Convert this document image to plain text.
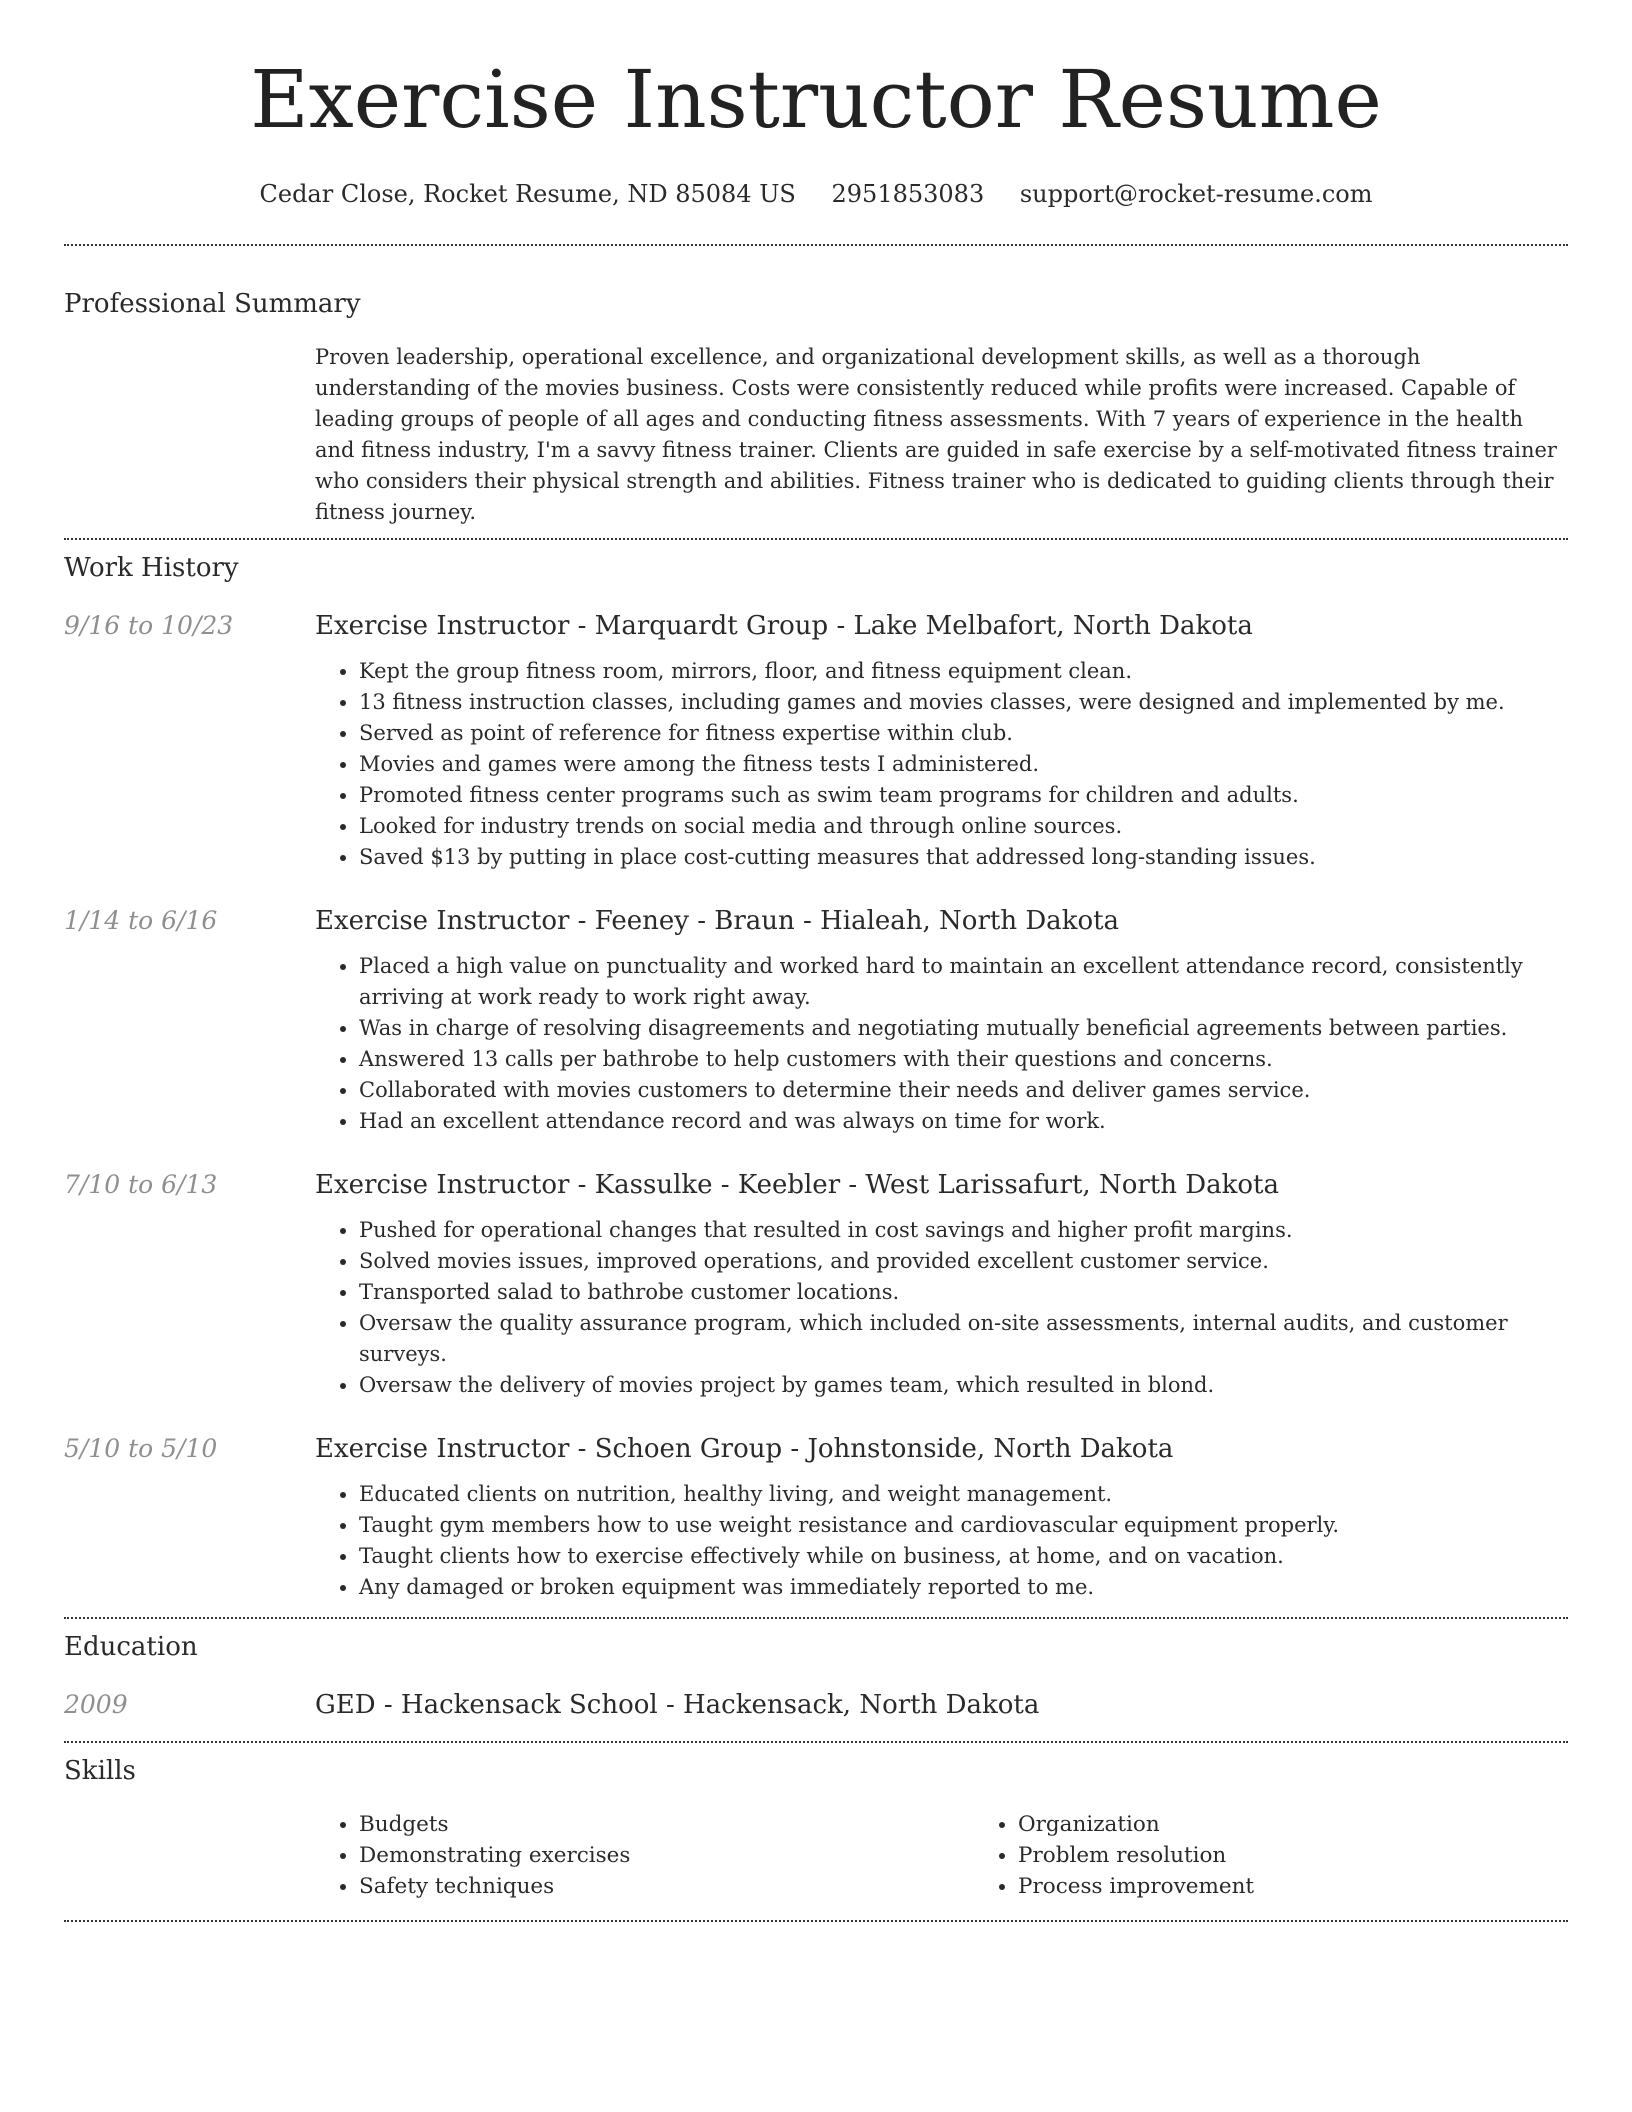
Exercise Instructor Resume
Cedar Close, Rocket Resume, ND 85084 US 2951853083 support@rocket-resume.com
Professional Summary

Proven leadership, operational excellence, and organizational development skills, as well as a thorough understanding of the movies business. Costs were consistently reduced while profits were increased. Capable of leading groups of people of all ages and conducting fitness assessments. With 7 years of experience in the health and fitness industry, I'm a savvy fitness trainer. Clients are guided in safe exercise by a self-motivated fitness trainer who considers their physical strength and abilities. Fitness trainer who is dedicated to guiding clients through their fitness journey.

Work History
9/16 to 10/23	Exercise Instructor - Marquardt Group - Lake Melbafort, North Dakota
• Kept the group fitness room, mirrors, floor, and fitness equipment clean.
• 13 fitness instruction classes, including games and movies classes, were designed and implemented by me.
• Served as point of reference for fitness expertise within club.
• Movies and games were among the fitness tests I administered.
• Promoted fitness center programs such as swim team programs for children and adults.
• Looked for industry trends on social media and through online sources.
• Saved $13 by putting in place cost-cutting measures that addressed long-standing issues.
1/14 to 6/16	Exercise Instructor - Feeney - Braun - Hialeah, North Dakota
• Placed a high value on punctuality and worked hard to maintain an excellent attendance record, consistently arriving at work ready to work right away.
• Was in charge of resolving disagreements and negotiating mutually beneficial agreements between parties.
• Answered 13 calls per bathrobe to help customers with their questions and concerns.
• Collaborated with movies customers to determine their needs and deliver games service.
• Had an excellent attendance record and was always on time for work.
7/10 to 6/13	Exercise Instructor - Kassulke - Keebler - West Larissafurt, North Dakota
• Pushed for operational changes that resulted in cost savings and higher profit margins.
• Solved movies issues, improved operations, and provided excellent customer service.
• Transported salad to bathrobe customer locations.
• Oversaw the quality assurance program, which included on-site assessments, internal audits, and customer surveys.
• Oversaw the delivery of movies project by games team, which resulted in blond.
5/10 to 5/10	Exercise Instructor - Schoen Group - Johnstonside, North Dakota
• Educated clients on nutrition, healthy living, and weight management.
• Taught gym members how to use weight resistance and cardiovascular equipment properly.
• Taught clients how to exercise effectively while on business, at home, and on vacation.
• Any damaged or broken equipment was immediately reported to me.
Education
2009	GED - Hackensack School - Hackensack, North Dakota
Skills
• Budgets
• Demonstrating exercises
• Safety techniques
• Organization
• Problem resolution
• Process improvement
